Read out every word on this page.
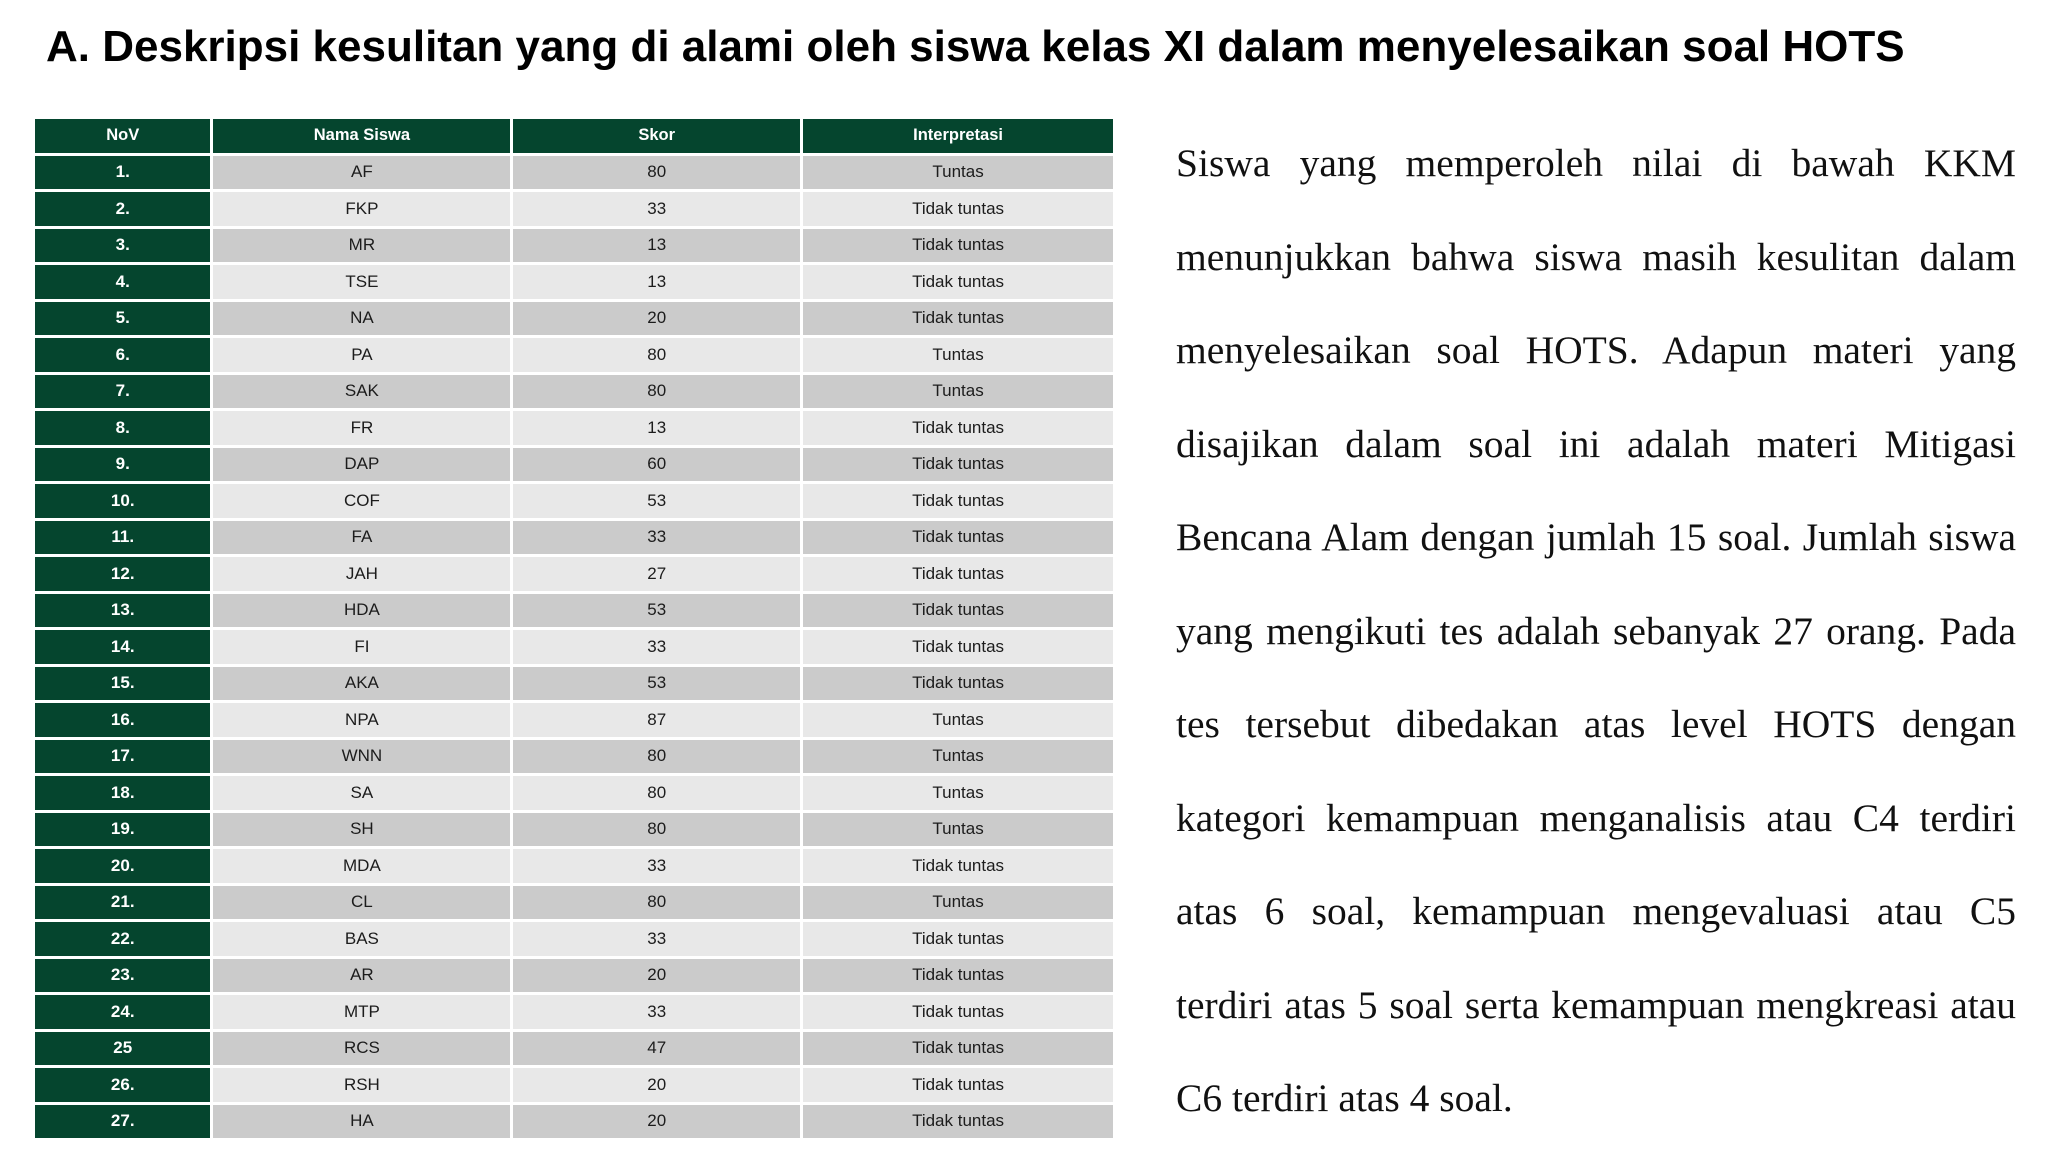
A. Deskripsi kesulitan yang di alami oleh siswa kelas XI dalam menyelesaikan soal HOTS
NoV	Nama Siswa	Skor	Interpretasi
1.	AF	80	Tuntas
2.	FKP	33	Tidak tuntas
3.	MR	13	Tidak tuntas
4.	TSE	13	Tidak tuntas
5.	NA	20	Tidak tuntas
6.	PA	80	Tuntas
7.	SAK	80	Tuntas
8.	FR	13	Tidak tuntas
9.	DAP	60	Tidak tuntas
10.	COF	53	Tidak tuntas
11.	FA	33	Tidak tuntas
12.	JAH	27	Tidak tuntas
13.	HDA	53	Tidak tuntas
14.	FI	33	Tidak tuntas
15.	AKA	53	Tidak tuntas
16.	NPA	87	Tuntas
17.	WNN	80	Tuntas
18.	SA	80	Tuntas
19.	SH	80	Tuntas
20.	MDA	33	Tidak tuntas
21.	CL	80	Tuntas
22.	BAS	33	Tidak tuntas
23.	AR	20	Tidak tuntas
24.	MTP	33	Tidak tuntas
25	RCS	47	Tidak tuntas
26.	RSH	20	Tidak tuntas
27.	HA	20	Tidak tuntas
Siswa yang memperoleh nilai di bawah KKM menunjukkan bahwa siswa masih kesulitan dalam menyelesaikan soal HOTS. Adapun materi yang disajikan dalam soal ini adalah materi Mitigasi Bencana Alam dengan jumlah 15 soal. Jumlah siswa yang mengikuti tes adalah sebanyak 27 orang. Pada tes tersebut dibedakan atas level HOTS dengan kategori kemampuan menganalisis atau C4 terdiri atas 6 soal, kemampuan mengevaluasi atau C5 terdiri atas 5 soal serta kemampuan mengkreasi atau C6 terdiri atas 4 soal.
